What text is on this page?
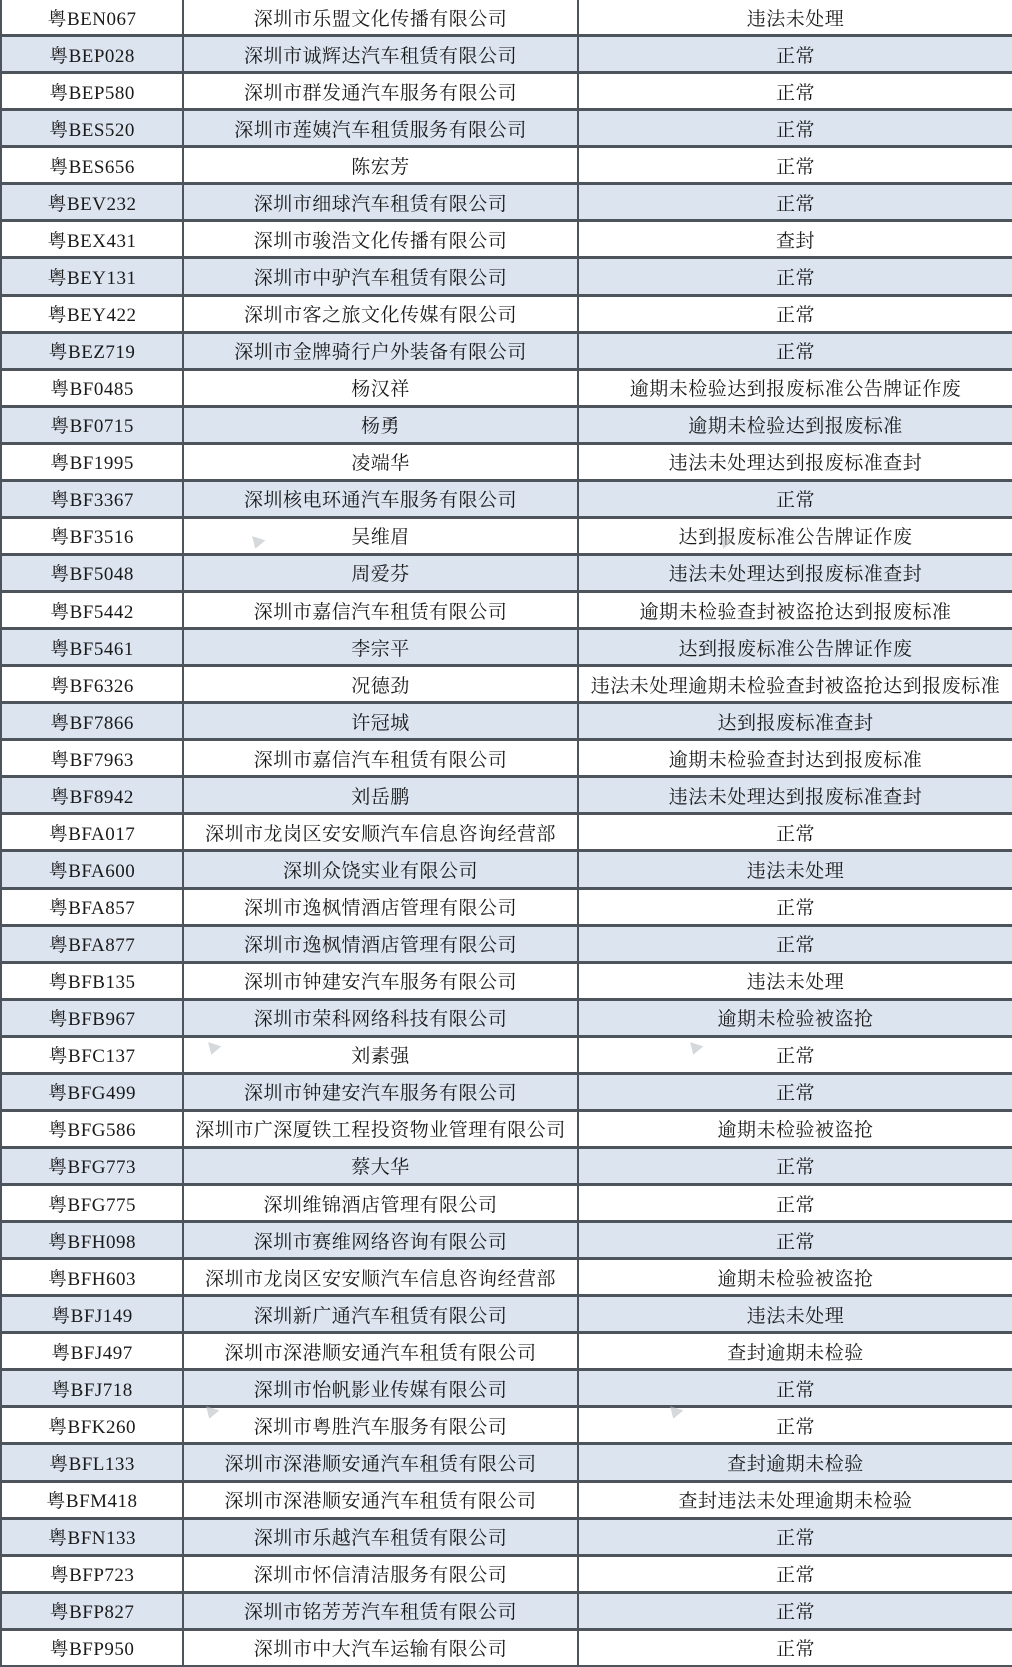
粤BEN067	深圳市乐盟文化传播有限公司	违法未处理
粤BEP028	深圳市诚辉达汽车租赁有限公司	正常
粤BEP580	深圳市群发通汽车服务有限公司	正常
粤BES520	深圳市莲姨汽车租赁服务有限公司	正常
粤BES656	陈宏芳	正常
粤BEV232	深圳市细球汽车租赁有限公司	正常
粤BEX431	深圳市骏浩文化传播有限公司	查封
粤BEY131	深圳市中驴汽车租赁有限公司	正常
粤BEY422	深圳市客之旅文化传媒有限公司	正常
粤BEZ719	深圳市金牌骑行户外装备有限公司	正常
粤BF0485	杨汉祥	逾期未检验达到报废标准公告牌证作废
粤BF0715	杨勇	逾期未检验达到报废标准
粤BF1995	凌端华	违法未处理达到报废标准查封
粤BF3367	深圳核电环通汽车服务有限公司	正常
粤BF3516	吴维眉	达到报废标准公告牌证作废
粤BF5048	周爱芬	违法未处理达到报废标准查封
粤BF5442	深圳市嘉信汽车租赁有限公司	逾期未检验查封被盗抢达到报废标准
粤BF5461	李宗平	达到报废标准公告牌证作废
粤BF6326	况德劲	违法未处理逾期未检验查封被盗抢达到报废标准
粤BF7866	许冠城	达到报废标准查封
粤BF7963	深圳市嘉信汽车租赁有限公司	逾期未检验查封达到报废标准
粤BF8942	刘岳鹏	违法未处理达到报废标准查封
粤BFA017	深圳市龙岗区安安顺汽车信息咨询经营部	正常
粤BFA600	深圳众饶实业有限公司	违法未处理
粤BFA857	深圳市逸枫情酒店管理有限公司	正常
粤BFA877	深圳市逸枫情酒店管理有限公司	正常
粤BFB135	深圳市钟建安汽车服务有限公司	违法未处理
粤BFB967	深圳市荣科网络科技有限公司	逾期未检验被盗抢
粤BFC137	刘素强	正常
粤BFG499	深圳市钟建安汽车服务有限公司	正常
粤BFG586	深圳市广深厦铁工程投资物业管理有限公司	逾期未检验被盗抢
粤BFG773	蔡大华	正常
粤BFG775	深圳维锦酒店管理有限公司	正常
粤BFH098	深圳市赛维网络咨询有限公司	正常
粤BFH603	深圳市龙岗区安安顺汽车信息咨询经营部	逾期未检验被盗抢
粤BFJ149	深圳新广通汽车租赁有限公司	违法未处理
粤BFJ497	深圳市深港顺安通汽车租赁有限公司	查封逾期未检验
粤BFJ718	深圳市怡帆影业传媒有限公司	正常
粤BFK260	深圳市粤胜汽车服务有限公司	正常
粤BFL133	深圳市深港顺安通汽车租赁有限公司	查封逾期未检验
粤BFM418	深圳市深港顺安通汽车租赁有限公司	查封违法未处理逾期未检验
粤BFN133	深圳市乐越汽车租赁有限公司	正常
粤BFP723	深圳市怀信清洁服务有限公司	正常
粤BFP827	深圳市铭芳芳汽车租赁有限公司	正常
粤BFP950	深圳市中大汽车运输有限公司	正常
